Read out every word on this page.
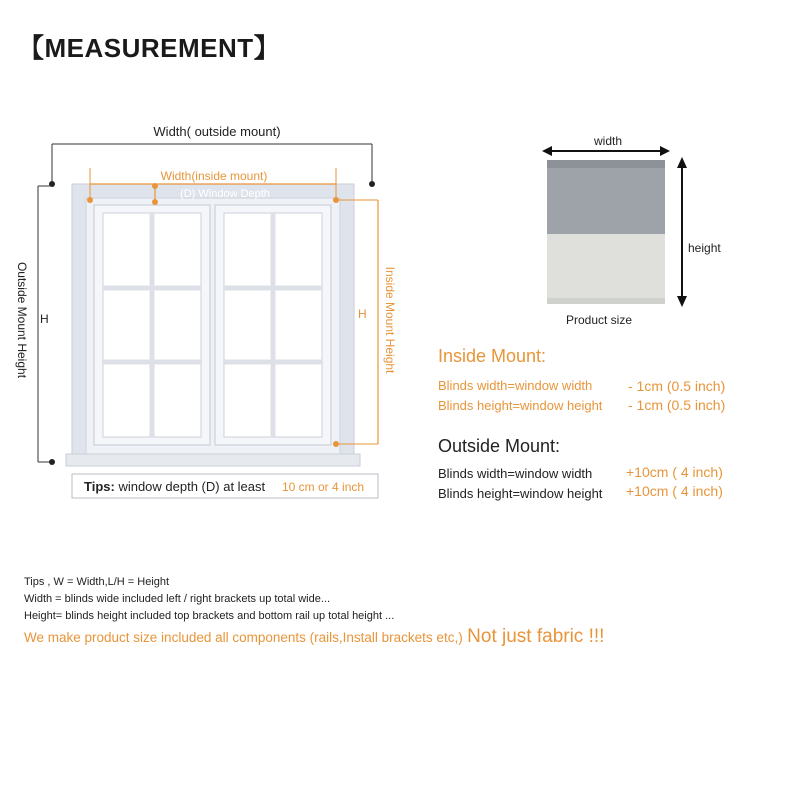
【MEASUREMENT】
Width( outside mount)
Width(inside mount)
(D) Window Depth
Outside Mount Height H	Inside Mount Height
H
Tips: window depth (D) at least 10 cm or 4 inch
width
height
Product size
Inside Mount:
Blinds width=window width	- 1cm (0.5 inch)
Blinds height=window height - 1cm (0.5 inch)
Outside Mount:
Blinds width=window width +10cm ( 4 inch)
Blinds height=window height +10cm ( 4 inch)
Tips , W = Width,L/H = Height
Width = blinds wide included left / right brackets up total wide...
Height= blinds height included top brackets and bottom rail up total height ...
We make product size included all components (rails,Install brackets etc,) Not just fabric !!!
